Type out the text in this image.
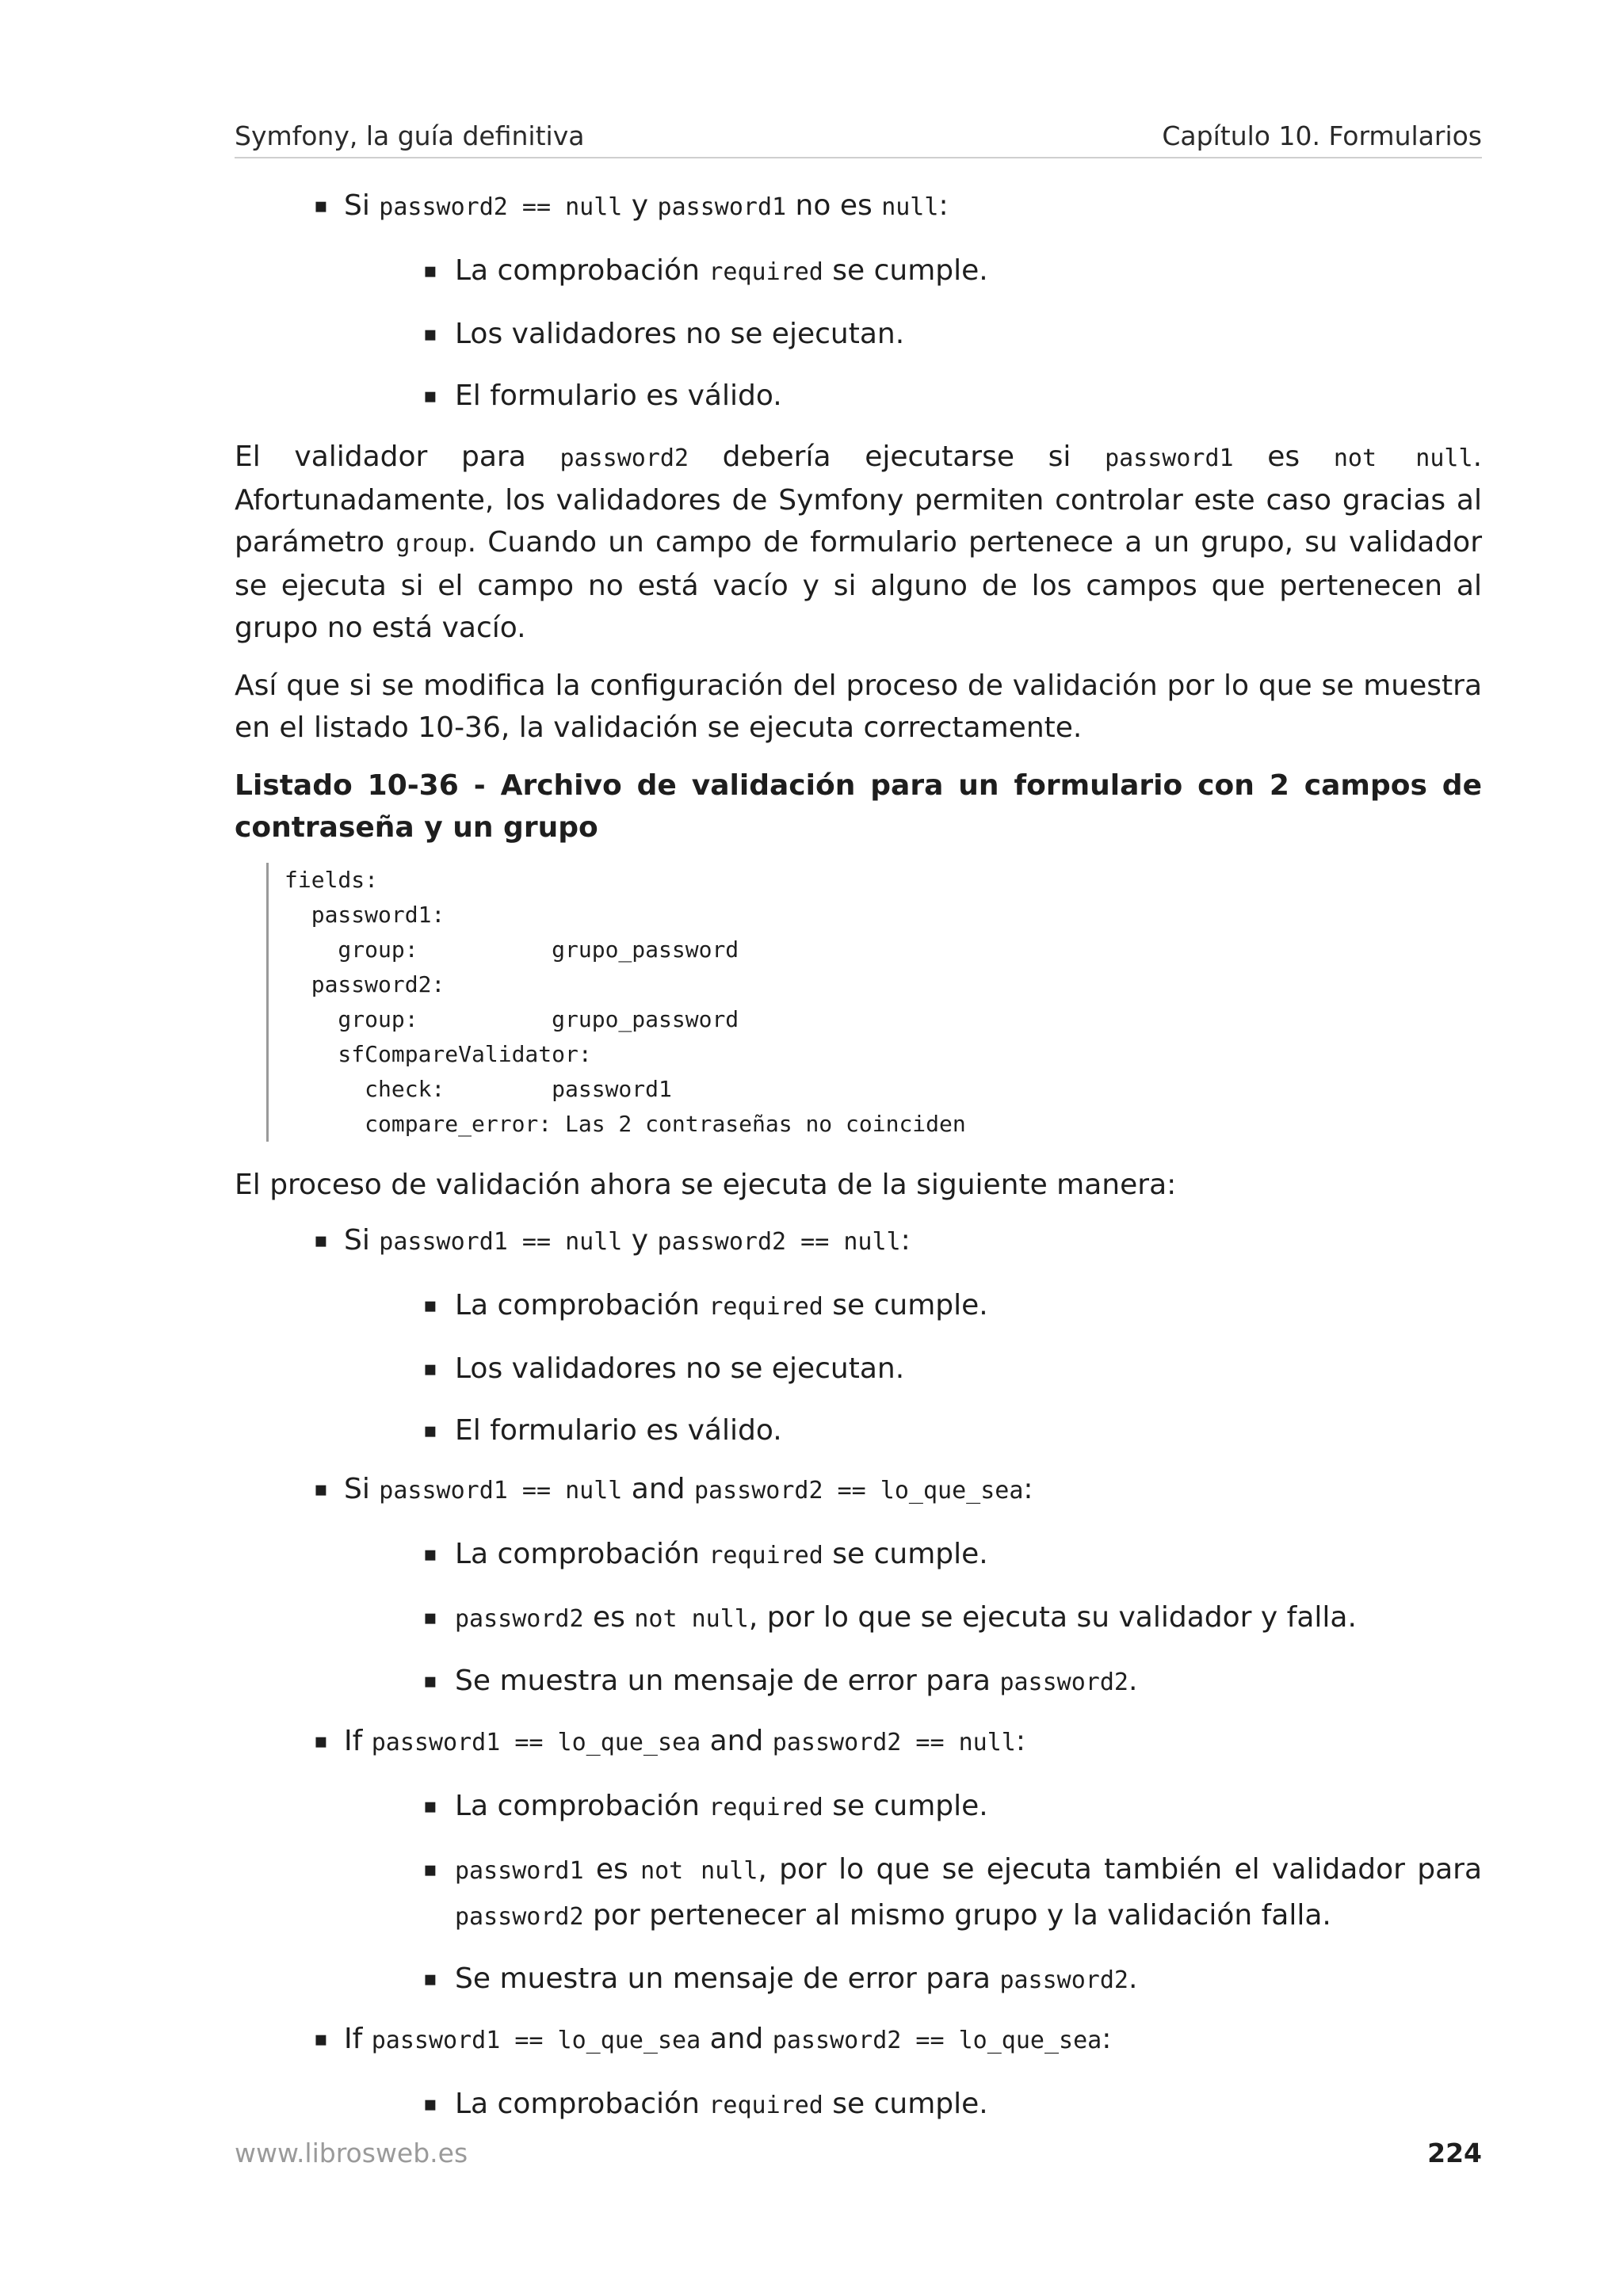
Symfony, la guía definitiva	Capítulo 10. Formularios
▪ Si password2 == null y password1 no es null:
▪ La comprobación required se cumple.
▪ Los validadores no se ejecutan.
▪ El formulario es válido.

El validador para password2 debería ejecutarse si password1 es not null. Afortunadamente, los validadores de Symfony permiten controlar este caso gracias al parámetro group. Cuando un campo de formulario pertenece a un grupo, su validador se ejecuta si el campo no está vacío y si alguno de los campos que pertenecen al grupo no está vacío.

Así que si se modifica la configuración del proceso de validación por lo que se muestra en el listado 10-36, la validación se ejecuta correctamente.

Listado 10-36 - Archivo de validación para un formulario con 2 campos de contraseña y un grupo
fields:
password1:
group:          grupo_password
password2:
group:          grupo_password
sfCompareValidator:
check:        password1
compare_error: Las 2 contraseñas no coinciden

El proceso de validación ahora se ejecuta de la siguiente manera:

▪ Si password1 == null y password2 == null:
▪ La comprobación required se cumple.
▪ Los validadores no se ejecutan.
▪ El formulario es válido.
▪ Si password1 == null and password2 == lo_que_sea:
▪ La comprobación required se cumple.
▪ password2 es not null, por lo que se ejecuta su validador y falla.
▪ Se muestra un mensaje de error para password2.
▪ If password1 == lo_que_sea and password2 == null:
▪ La comprobación required se cumple.
▪ password1 es not null, por lo que se ejecuta también el validador para password2 por pertenecer al mismo grupo y la validación falla.
▪ Se muestra un mensaje de error para password2.
▪ If password1 == lo_que_sea and password2 == lo_que_sea:
▪ La comprobación required se cumple.
www.librosweb.es	224
